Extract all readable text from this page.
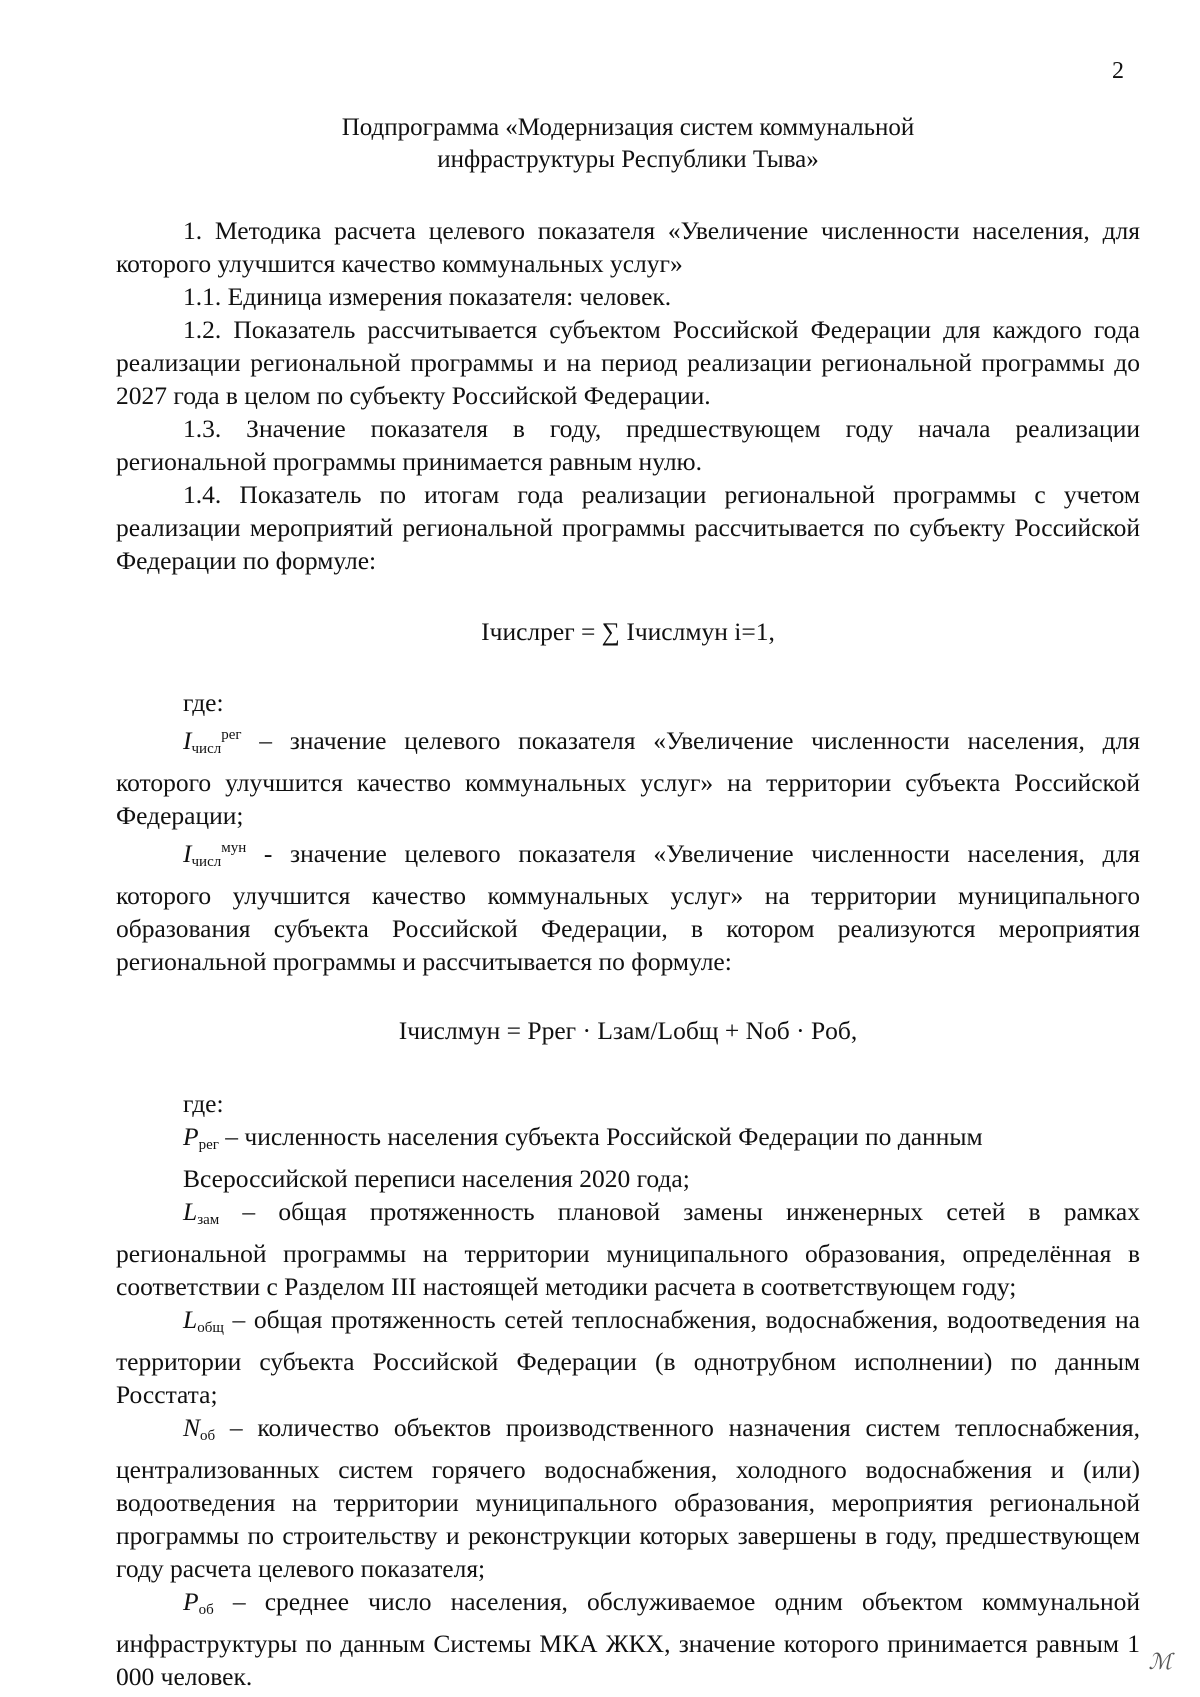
2
Подпрограмма «Модернизация систем коммунальной
инфраструктуры Республики Тыва»

1. Методика расчета целевого показателя «Увеличение численности населения, для которого улучшится качество коммунальных услуг»

1.1. Единица измерения показателя: человек.

1.2. Показатель рассчитывается субъектом Российской Федерации для каждого года реализации региональной программы и на период реализации региональной программы до 2027 года в целом по субъекту Российской Федерации.

1.3. Значение показателя в году, предшествующем году начала реализации региональной программы принимается равным нулю.

1.4. Показатель по итогам года реализации региональной программы с учетом реализации мероприятий региональной программы рассчитывается по субъекту Российской Федерации по формуле:

Iчислрег = ∑ Iчислмун i=1,

где:

$I_{числ}^{рег}$ – значение целевого показателя «Увеличение численности населения, для которого улучшится качество коммунальных услуг» на территории субъекта Российской Федерации;

$I_{числ}^{мун}$ - значение целевого показателя «Увеличение численности населения, для которого улучшится качество коммунальных услуг» на территории муниципального образования субъекта Российской Федерации, в котором реализуются мероприятия региональной программы и рассчитывается по формуле:

Iчислмун = Pрег · Lзам/Lобщ + Nоб · Pоб,

где:

$P_{рег}$ – численность населения субъекта Российской Федерации по данным

Всероссийской переписи населения 2020 года;

$L_{зам}$ – общая протяженность плановой замены инженерных сетей в рамках региональной программы на территории муниципального образования, определённая в соответствии с Разделом III настоящей методики расчета в соответствующем году;

$L_{общ}$ – общая протяженность сетей теплоснабжения, водоснабжения, водоотведения на территории субъекта Российской Федерации (в однотрубном исполнении) по данным Росстата;

$N_{об}$ – количество объектов производственного назначения систем теплоснабжения, централизованных систем горячего водоснабжения, холодного водоснабжения и (или) водоотведения на территории муниципального образования, мероприятия региональной программы по строительству и реконструкции которых завершены в году, предшествующем году расчета целевого показателя;

$P_{об}$ – среднее число населения, обслуживаемое одним объектом коммунальной инфраструктуры по данным Системы МКА ЖКХ, значение которого принимается равным 1 000 человек.

ℳ
